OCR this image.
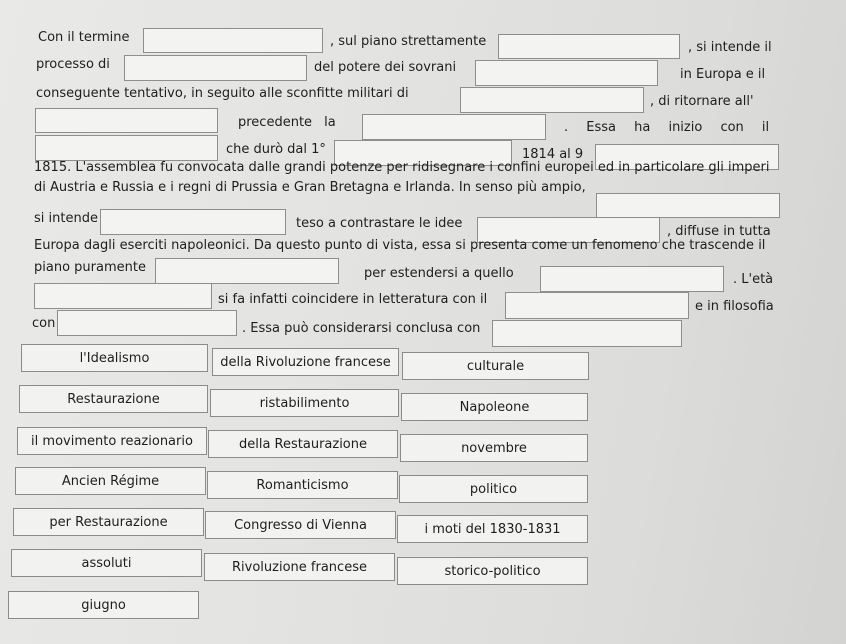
Con il termine	, sul piano strettamente	, si intende il
processo di	del potere dei sovrani	in Europa e il
conseguente tentativo, in seguito alle sconfitte militari di
, di ritornare all'
precedente la	. Essa ha inizio con il
che durò dal 1°	1814 al 9
1815. L'assemblea fu convocata dalle grandi potenze per ridisegnare i confini europei ed in particolare gli imperi
di Austria e Russia e i regni di Prussia e Gran Bretagna e Irlanda. In senso più ampio,
si intende	teso a contrastare le idee
, diffuse in tutta
Europa dagli eserciti napoleonici. Da questo punto di vista, essa si presenta come un fenomeno che trascende il
piano puramente	per estendersi a quello	. L'età
si fa infatti coincidere in letteratura con il	e in filosofia
con	. Essa può considerarsi conclusa con
l'Idealismo	della Rivoluzione francese	culturale
Restaurazione	ristabilimento	Napoleone
il movimento reazionario	della Restaurazione	novembre
Ancien Régime	Romanticismo	politico
per Restaurazione	Congresso di Vienna	i moti del 1830-1831
assoluti	Rivoluzione francese	storico-politico
giugno
